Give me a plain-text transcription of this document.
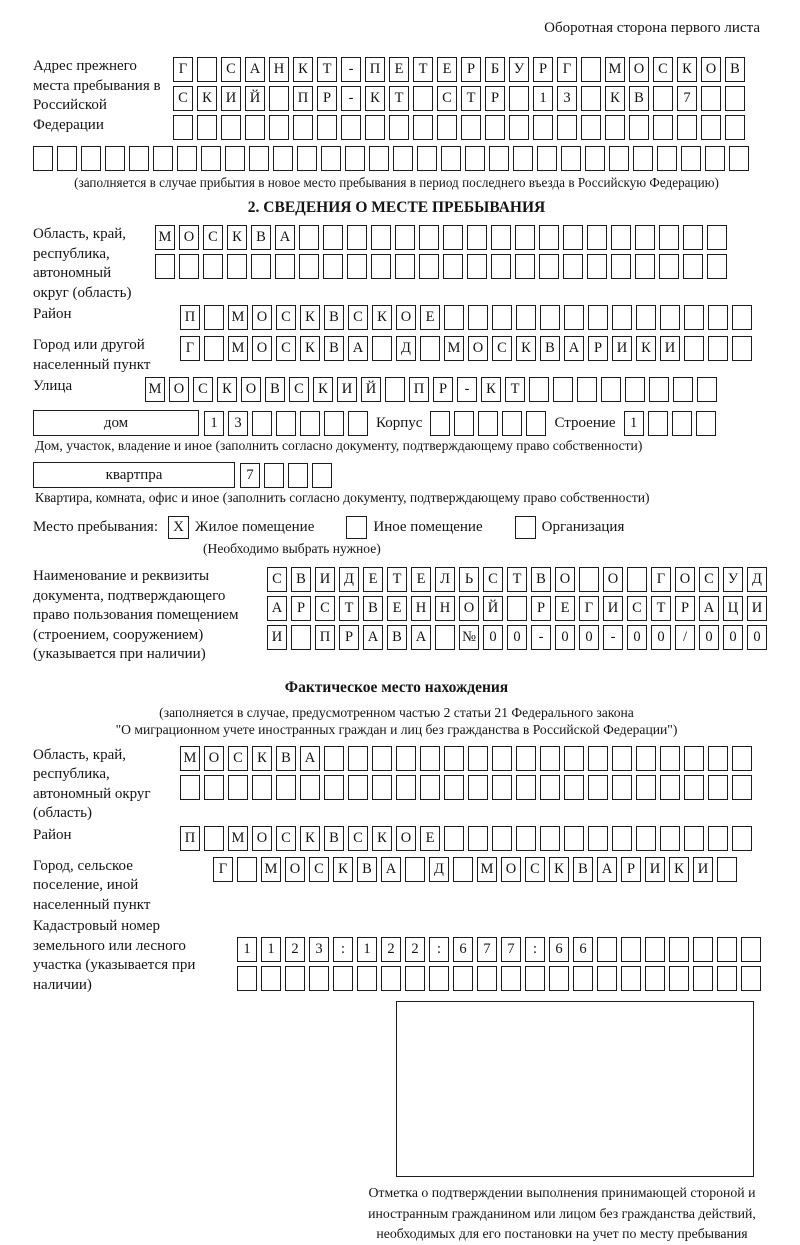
Оборотная сторона первого листа
Адрес прежнего места пребывания в Российской Федерации
Г	С А Н К	Т	-	П Е	Т	Е	Р	Б	У	Р	Г	М О С К О В
С К И Й	П	Р	-	К	Т	С	Т	Р	1	3	К В	7
(заполняется в случае прибытия в новое место пребывания в период последнего въезда в Российскую Федерацию)
2. СВЕДЕНИЯ О МЕСТЕ ПРЕБЫВАНИЯ
Область, край, республика, автономный округ (область)
М О С К В А
Район	П	М О С К В С К О Е
Город или другой населенный пункт
Г	М О С К В А	Д	М О С К В А	Р	И К И
Улица	М О С К О В С К И Й	П	Р	-	К	Т
дом	1	3	Корпус	Строение 1
Дом, участок, владение и иное (заполнить согласно документу, подтверждающему право собственности)
квартпра	7
Квартира, комната, офис и иное (заполнить согласно документу, подтверждающему право собственности)
Место пребывания:	X Жилое помещение	Иное помещение	Организация
(Необходимо выбрать нужное)
Наименование и реквизиты документа, подтверждающего право пользования помещением (строением, сооружением) (указывается при наличии)
С В И Д	Е	Т	Е	Л	Ь	С	Т	В О	О	Г	О С У Д
А	Р	С	Т	В	Е Н Н О Й	Р	Е	Г	И С	Т	Р	А Ц И
И	П	Р	А В А	№ 0	0	-	0	0	-	0	0	/	0	0	0
Фактическое место нахождения
(заполняется в случае, предусмотренном частью 2 статьи 21 Федерального закона
"О миграционном учете иностранных граждан и лиц без гражданства в Российской Федерации")
Область, край, республика, автономный округ (область)
М О С К В А
Район	П	М О С К В С К О Е
Город, сельское поселение, иной населенный пункт
Г	М О С К В А	Д	М О С К В А	Р	И К И
Кадастровый номер земельного или лесного участка (указывается при наличии)
1	1	2	3	:	1	2	2	:	6	7	7	:	6	6
Отметка о подтверждении выполнения принимающей стороной и иностранным гражданином или лицом без гражданства действий, необходимых для его постановки на учет по месту пребывания
